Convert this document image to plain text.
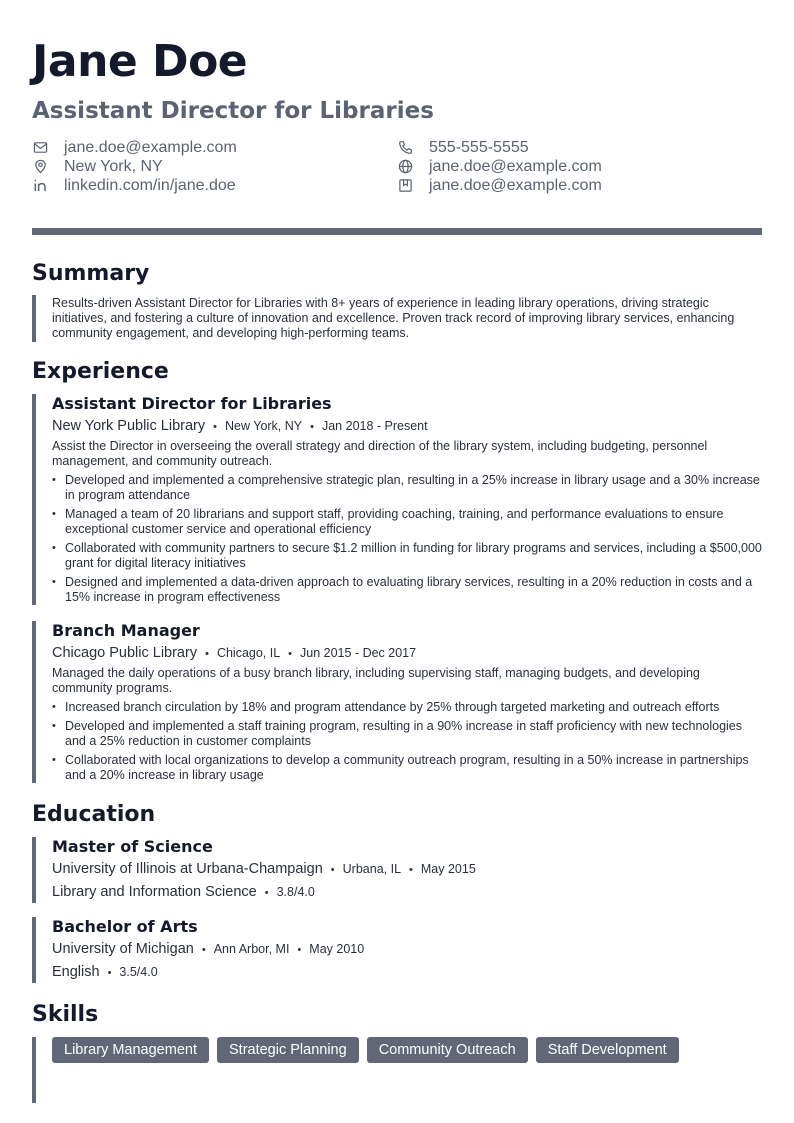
Jane Doe
Assistant Director for Libraries
jane.doe@example.com	555-555-5555
New York, NY	jane.doe@example.com
linkedin.com/in/jane.doe	jane.doe@example.com
Summary
Results-driven Assistant Director for Libraries with 8+ years of experience in leading library operations, driving strategic initiatives, and fostering a culture of innovation and excellence. Proven track record of improving library services, enhancing community engagement, and developing high-performing teams.
Experience
Assistant Director for Libraries
New York Public Library • New York, NY • Jan 2018 - Present
Assist the Director in overseeing the overall strategy and direction of the library system, including budgeting, personnel management, and community outreach.
• Developed and implemented a comprehensive strategic plan, resulting in a 25% increase in library usage and a 30% increase in program attendance
• Managed a team of 20 librarians and support staff, providing coaching, training, and performance evaluations to ensure exceptional customer service and operational efficiency
• Collaborated with community partners to secure $1.2 million in funding for library programs and services, including a $500,000 grant for digital literacy initiatives
• Designed and implemented a data-driven approach to evaluating library services, resulting in a 20% reduction in costs and a 15% increase in program effectiveness
Branch Manager
Chicago Public Library • Chicago, IL • Jun 2015 - Dec 2017
Managed the daily operations of a busy branch library, including supervising staff, managing budgets, and developing community programs.
• Increased branch circulation by 18% and program attendance by 25% through targeted marketing and outreach efforts
• Developed and implemented a staff training program, resulting in a 90% increase in staff proficiency with new technologies and a 25% reduction in customer complaints
• Collaborated with local organizations to develop a community outreach program, resulting in a 50% increase in partnerships and a 20% increase in library usage
Education
Master of Science
University of Illinois at Urbana-Champaign • Urbana, IL • May 2015
Library and Information Science • 3.8/4.0
Bachelor of Arts
University of Michigan • Ann Arbor, MI • May 2010
English • 3.5/4.0
Skills
Library Management	Strategic Planning	Community Outreach	Staff Development
